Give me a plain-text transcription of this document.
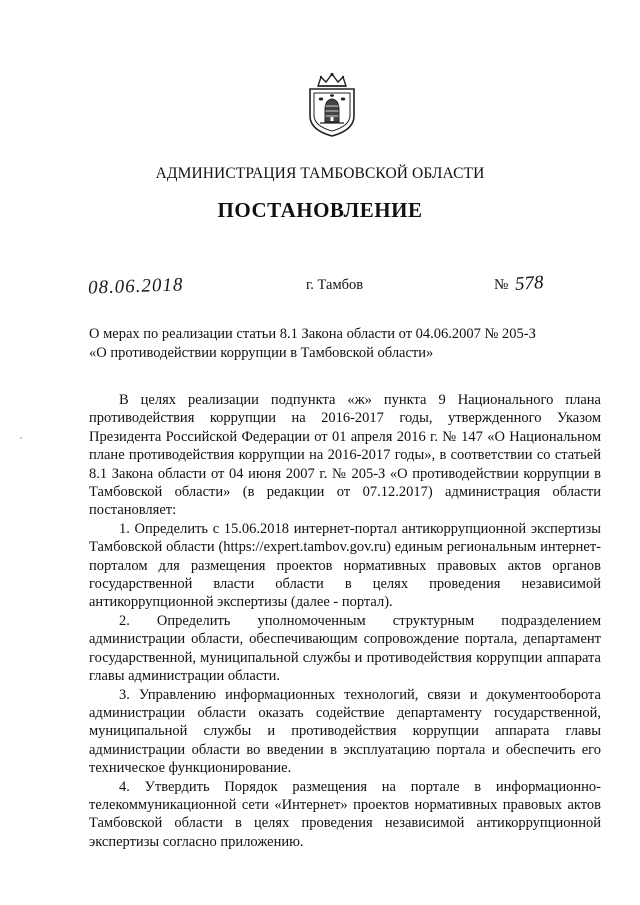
АДМИНИСТРАЦИЯ ТАМБОВСКОЙ ОБЛАСТИ
ПОСТАНОВЛЕНИЕ
08.06.2018	г. Тамбов	№ 578
О мерах по реализации статьи 8.1 Закона области от 04.06.2007 № 205-З
«О противодействии коррупции в Тамбовской области»

В целях реализации подпункта «ж» пункта 9 Национального плана противодействия коррупции на 2016-2017 годы, утвержденного Указом Президента Российской Федерации от 01 апреля 2016 г. № 147 «О Национальном плане противодействия коррупции на 2016-2017 годы», в соответствии со статьей 8.1 Закона области от 04 июня 2007 г. № 205-З «О противодействии коррупции в Тамбовской области» (в редакции от 07.12.2017) администрация области постановляет:

1. Определить с 15.06.2018 интернет-портал антикоррупционной экспертизы Тамбовской области (https://expert.tambov.gov.ru) единым региональным интернет-порталом для размещения проектов нормативных правовых актов органов государственной власти области в целях проведения независимой антикоррупционной экспертизы (далее - портал).

2. Определить уполномоченным структурным подразделением администрации области, обеспечивающим сопровождение портала, департамент государственной, муниципальной службы и противодействия коррупции аппарата главы администрации области.

3. Управлению информационных технологий, связи и документооборота администрации области оказать содействие департаменту государственной, муниципальной службы и противодействия коррупции аппарата главы администрации области во введении в эксплуатацию портала и обеспечить его техническое функционирование.

4. Утвердить Порядок размещения на портале в информационно-телекоммуникационной сети «Интернет» проектов нормативных правовых актов Тамбовской области в целях проведения независимой антикоррупционной экспертизы согласно приложению.
